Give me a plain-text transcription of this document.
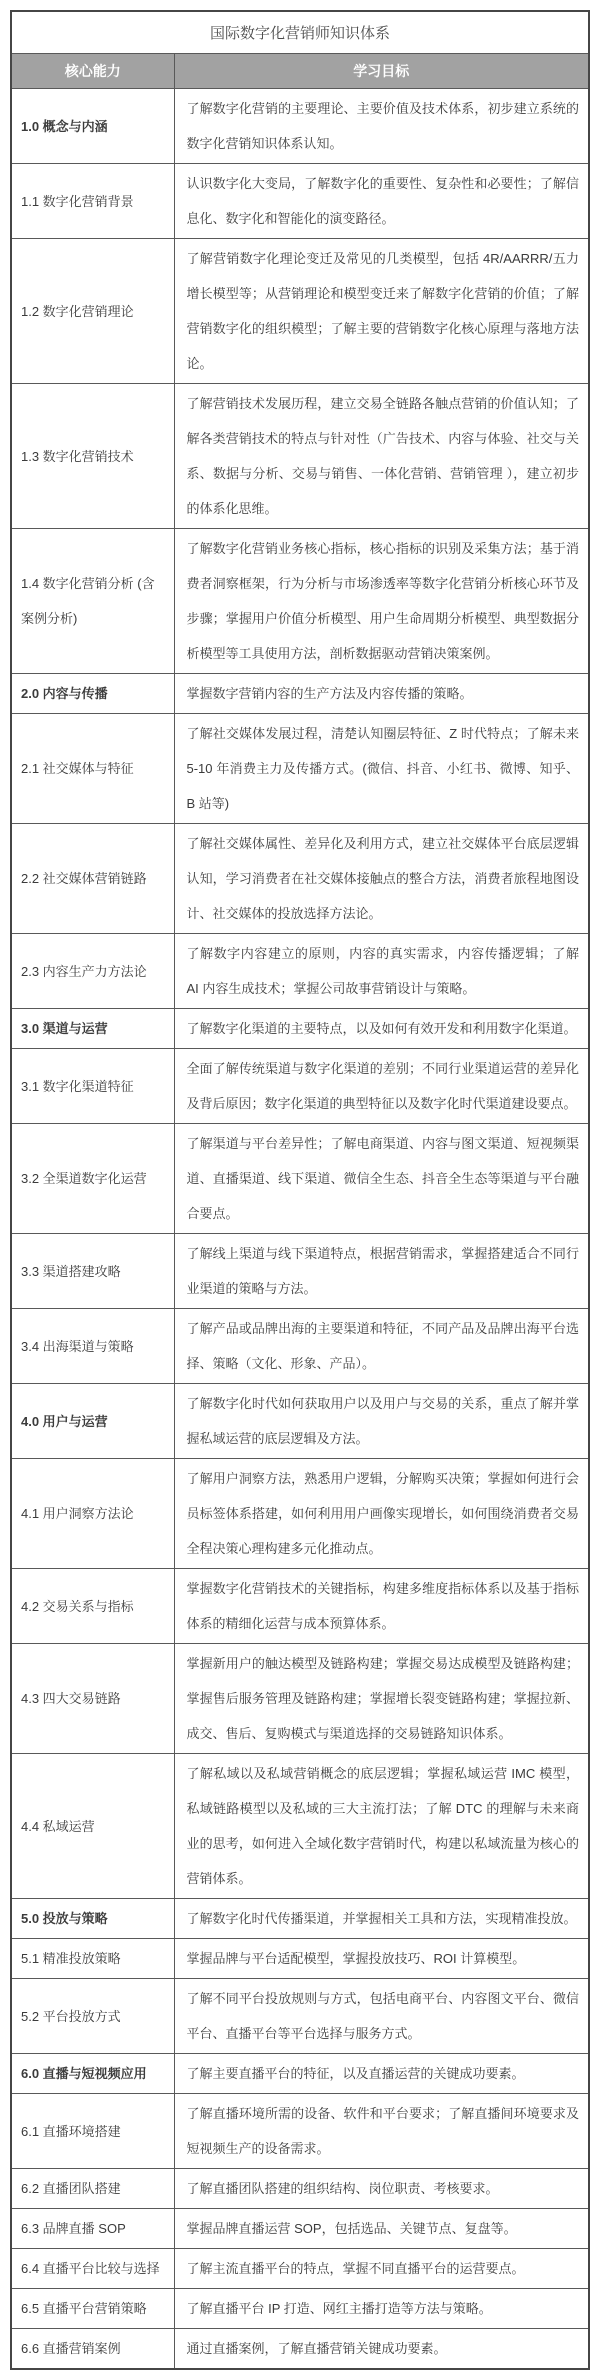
国际数字化营销师知识体系	
核心能力	学习目标
1.0 概念与内涵	了解数字化营销的主要理论、主要价值及技术体系，初步建立系统的数字化营销知识体系认知。
1.1 数字化营销背景	认识数字化大变局，了解数字化的重要性、复杂性和必要性；了解信息化、数字化和智能化的演变路径。
1.2 数字化营销理论	了解营销数字化理论变迁及常见的几类模型，包括 4R/AARRR/五力增长模型等；从营销理论和模型变迁来了解数字化营销的价值；了解营销数字化的组织模型；了解主要的营销数字化核心原理与落地方法论。
1.3 数字化营销技术	了解营销技术发展历程，建立交易全链路各触点营销的价值认知；了解各类营销技术的特点与针对性（广告技术、内容与体验、社交与关系、数据与分析、交易与销售、一体化营销、营销管理 ），建立初步的体系化思维。
1.4 数字化营销分析 (含案例分析)	了解数字化营销业务核心指标，核心指标的识别及采集方法；基于消费者洞察框架，行为分析与市场渗透率等数字化营销分析核心环节及步骤；掌握用户价值分析模型、用户生命周期分析模型、典型数据分析模型等工具使用方法，剖析数据驱动营销决策案例。
2.0 内容与传播	掌握数字营销内容的生产方法及内容传播的策略。
2.1 社交媒体与特征	了解社交媒体发展过程，清楚认知圈层特征、Z 时代特点；了解未来 5-10 年消费主力及传播方式。(微信、抖音、小红书、微博、知乎、B 站等)
2.2 社交媒体营销链路	了解社交媒体属性、差异化及利用方式，建立社交媒体平台底层逻辑认知，学习消费者在社交媒体接触点的整合方法，消费者旅程地图设计、社交媒体的投放选择方法论。
2.3 内容生产力方法论	了解数字内容建立的原则，内容的真实需求，内容传播逻辑；了解 AI 内容生成技术；掌握公司故事营销设计与策略。
3.0 渠道与运营	了解数字化渠道的主要特点，以及如何有效开发和利用数字化渠道。
3.1 数字化渠道特征	全面了解传统渠道与数字化渠道的差别；不同行业渠道运营的差异化及背后原因；数字化渠道的典型特征以及数字化时代渠道建设要点。
3.2 全渠道数字化运营	了解渠道与平台差异性；了解电商渠道、内容与图文渠道、短视频渠道、直播渠道、线下渠道、微信全生态、抖音全生态等渠道与平台融合要点。
3.3 渠道搭建攻略	了解线上渠道与线下渠道特点，根据营销需求，掌握搭建适合不同行业渠道的策略与方法。
3.4 出海渠道与策略	了解产品或品牌出海的主要渠道和特征，不同产品及品牌出海平台选择、策略（文化、形象、产品）。
4.0 用户与运营	了解数字化时代如何获取用户以及用户与交易的关系，重点了解并掌握私域运营的底层逻辑及方法。
4.1 用户洞察方法论	了解用户洞察方法，熟悉用户逻辑，分解购买决策；掌握如何进行会员标签体系搭建，如何利用用户画像实现增长，如何围绕消费者交易全程决策心理构建多元化推动点。
4.2 交易关系与指标	掌握数字化营销技术的关键指标，构建多维度指标体系以及基于指标体系的精细化运营与成本预算体系。
4.3 四大交易链路	掌握新用户的触达模型及链路构建；掌握交易达成模型及链路构建；掌握售后服务管理及链路构建；掌握增长裂变链路构建；掌握拉新、成交、售后、复购模式与渠道选择的交易链路知识体系。
4.4 私域运营	了解私域以及私域营销概念的底层逻辑；掌握私域运营 IMC 模型，私域链路模型以及私域的三大主流打法；了解 DTC 的理解与未来商业的思考，如何进入全域化数字营销时代，构建以私域流量为核心的营销体系。
5.0 投放与策略	了解数字化时代传播渠道，并掌握相关工具和方法，实现精准投放。
5.1 精准投放策略	掌握品牌与平台适配模型，掌握投放技巧、ROI 计算模型。
5.2 平台投放方式	了解不同平台投放规则与方式，包括电商平台、内容图文平台、微信平台、直播平台等平台选择与服务方式。
6.0 直播与短视频应用	了解主要直播平台的特征，以及直播运营的关键成功要素。
6.1 直播环境搭建	了解直播环境所需的设备、软件和平台要求；了解直播间环境要求及短视频生产的设备需求。
6.2 直播团队搭建	了解直播团队搭建的组织结构、岗位职责、考核要求。
6.3 品牌直播 SOP	掌握品牌直播运营 SOP，包括选品、关键节点、复盘等。
6.4 直播平台比较与选择	了解主流直播平台的特点，掌握不同直播平台的运营要点。
6.5 直播平台营销策略	了解直播平台 IP 打造、网红主播打造等方法与策略。
6.6 直播营销案例	通过直播案例，了解直播营销关键成功要素。
